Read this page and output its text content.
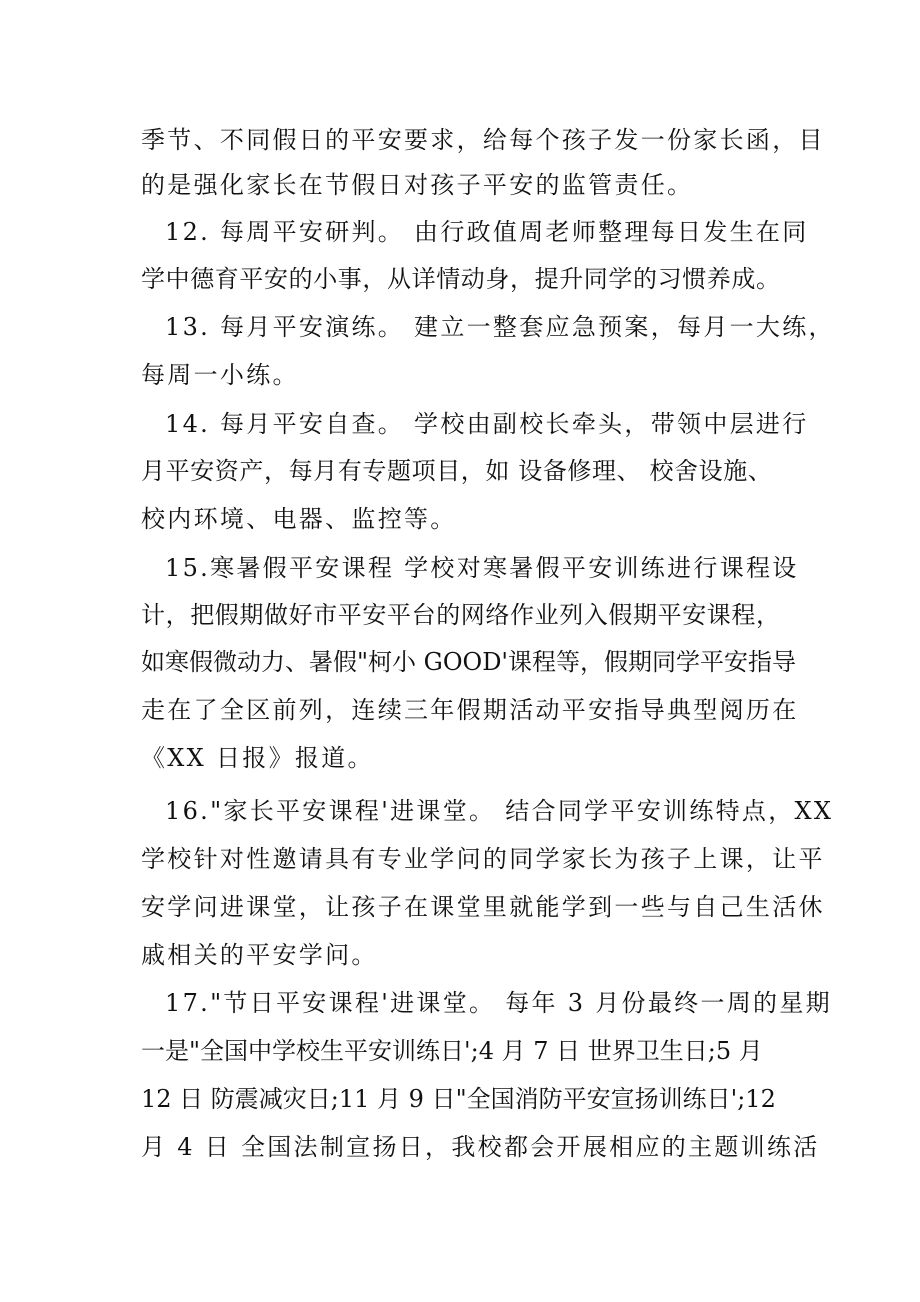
季节、不同假日的平安要求，给每个孩子发一份家长函，目
的是强化家长在节假日对孩子平安的监管责任。
12. 每周平安研判。 由行政值周老师整理每日发生在同
学中德育平安的小事，从详情动身，提升同学的习惯养成。
13. 每月平安演练。 建立一整套应急预案，每月一大练，
每周一小练。
14. 每月平安自查。 学校由副校长牵头，带领中层进行
月平安资产，每月有专题项目，如 设备修理、 校舍设施、
校内环境、电器、监控等。
15.寒暑假平安课程 学校对寒暑假平安训练进行课程设
计，把假期做好市平安平台的网络作业列入假期平安课程，
如寒假微动力、暑假"柯小 GOOD'课程等，假期同学平安指导
走在了全区前列，连续三年假期活动平安指导典型阅历在
《XX 日报》报道。
16."家长平安课程'进课堂。 结合同学平安训练特点，XX
学校针对性邀请具有专业学问的同学家长为孩子上课，让平
安学问进课堂，让孩子在课堂里就能学到一些与自己生活休
戚相关的平安学问。
17."节日平安课程'进课堂。 每年 3 月份最终一周的星期
一是"全国中学校生平安训练日';4 月 7 日 世界卫生日;5 月
12 日 防震减灾日;11 月 9 日"全国消防平安宣扬训练日';12
月 4 日 全国法制宣扬日，我校都会开展相应的主题训练活
